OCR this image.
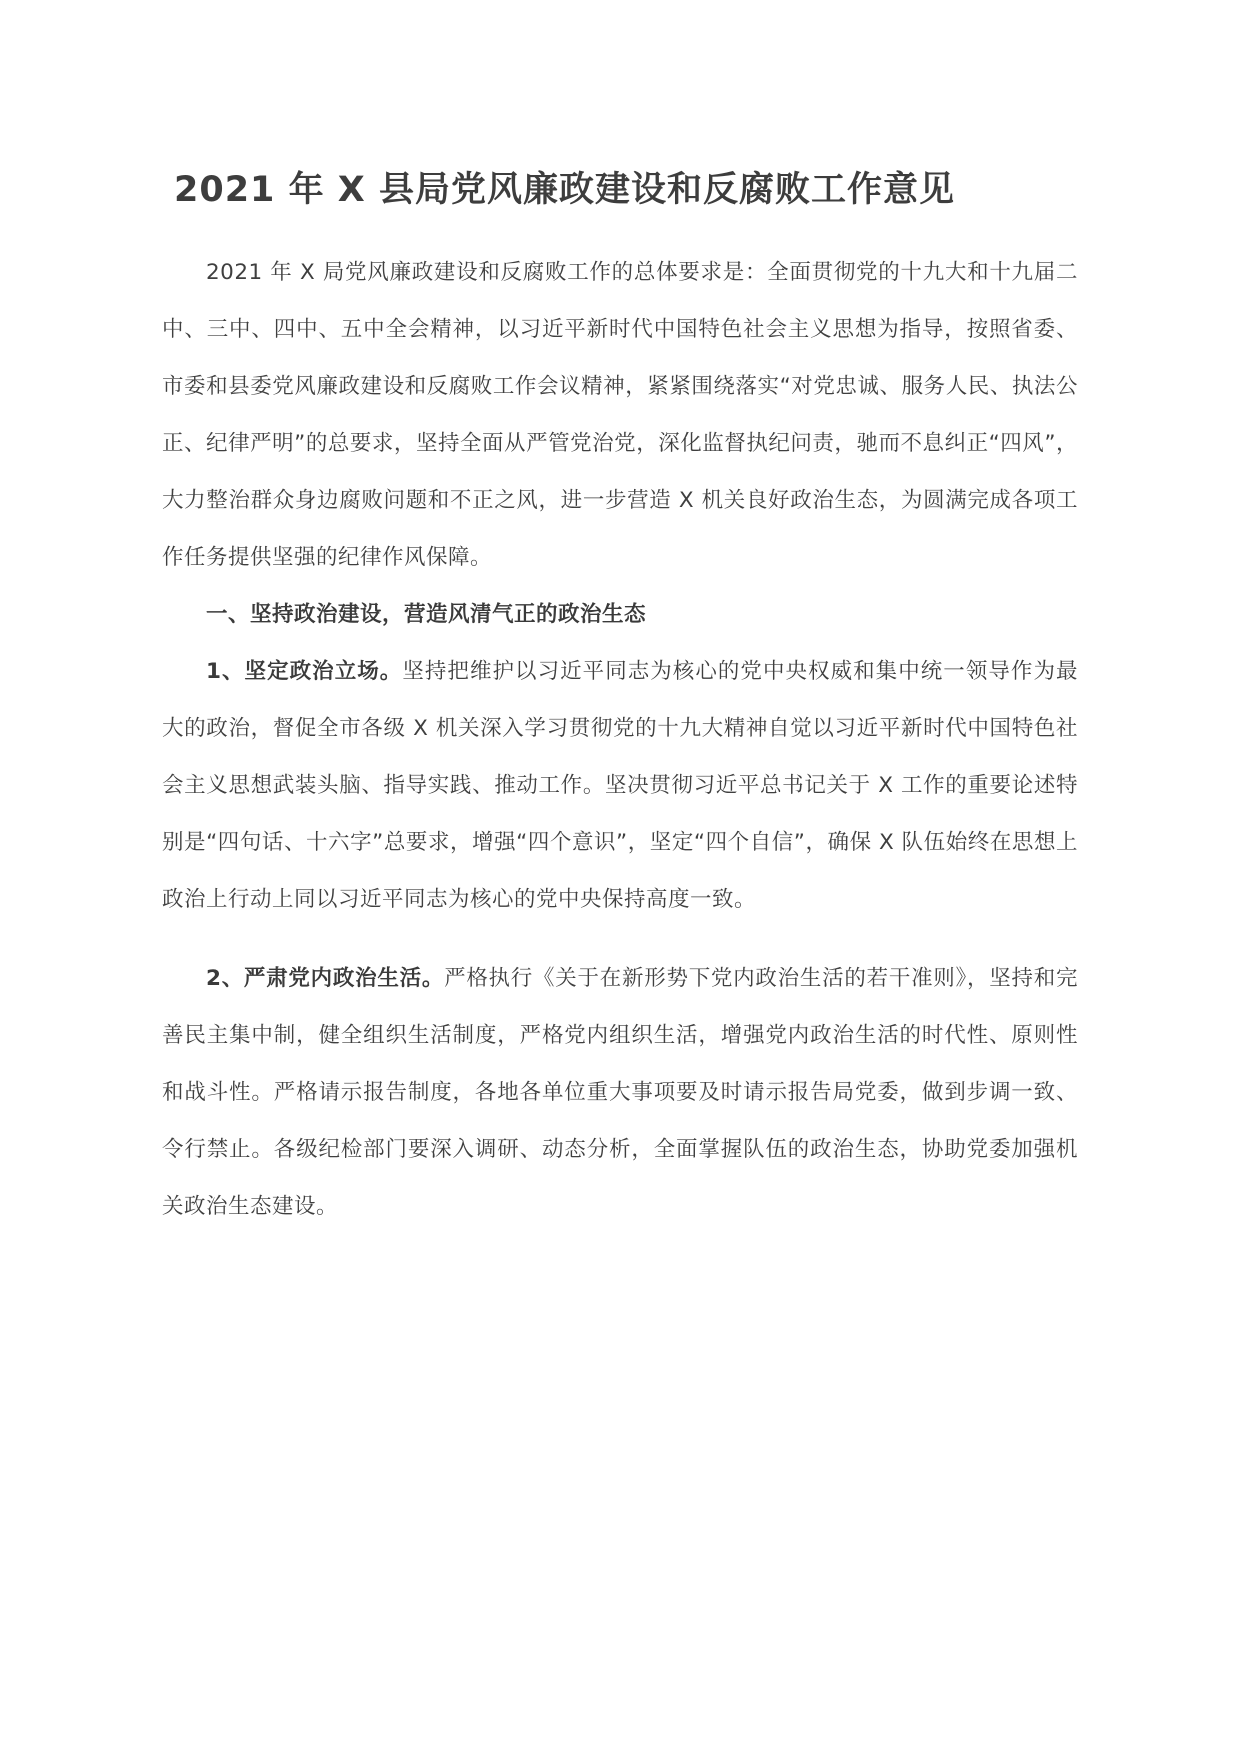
2021 年 X 县局党风廉政建设和反腐败工作意见

2021 年 X 局党风廉政建设和反腐败工作的总体要求是：全面贯彻党的十九大和十九届二中、三中、四中、五中全会精神，以习近平新时代中国特色社会主义思想为指导，按照省委、市委和县委党风廉政建设和反腐败工作会议精神，紧紧围绕落实“对党忠诚、服务人民、执法公正、纪律严明”的总要求，坚持全面从严管党治党，深化监督执纪问责，驰而不息纠正“四风”，大力整治群众身边腐败问题和不正之风，进一步营造 X 机关良好政治生态，为圆满完成各项工作任务提供坚强的纪律作风保障。

一、坚持政治建设，营造风清气正的政治生态

1、坚定政治立场。坚持把维护以习近平同志为核心的党中央权威和集中统一领导作为最大的政治，督促全市各级 X 机关深入学习贯彻党的十九大精神自觉以习近平新时代中国特色社会主义思想武装头脑、指导实践、推动工作。坚决贯彻习近平总书记关于 X 工作的重要论述特别是“四句话、十六字”总要求，增强“四个意识”，坚定“四个自信”，确保 X 队伍始终在思想上政治上行动上同以习近平同志为核心的党中央保持高度一致。

2、严肃党内政治生活。严格执行《关于在新形势下党内政治生活的若干准则》，坚持和完善民主集中制，健全组织生活制度，严格党内组织生活，增强党内政治生活的时代性、原则性和战斗性。严格请示报告制度，各地各单位重大事项要及时请示报告局党委，做到步调一致、令行禁止。各级纪检部门要深入调研、动态分析，全面掌握队伍的政治生态，协助党委加强机关政治生态建设。
